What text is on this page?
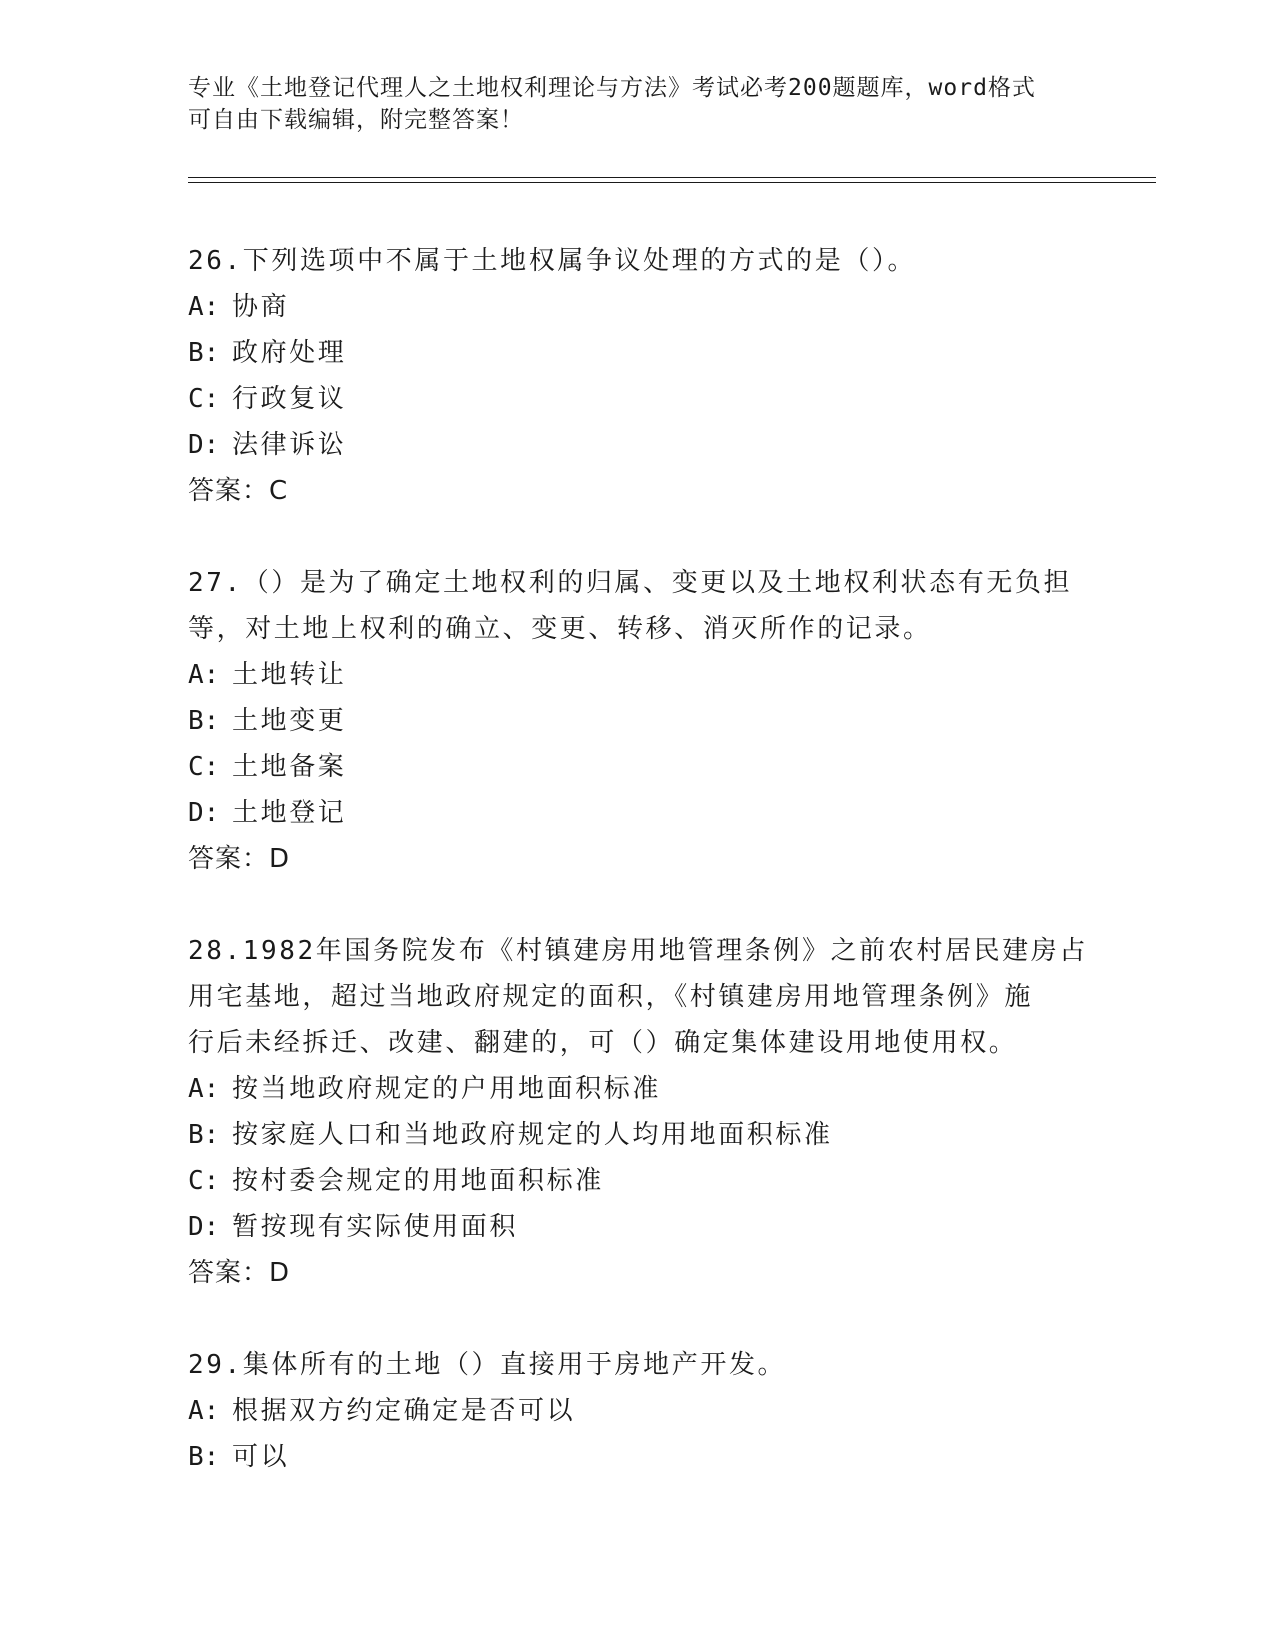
专业《土地登记代理人之土地权利理论与方法》考试必考200题题库，word格式
可自由下载编辑，附完整答案！
26.下列选项中不属于土地权属争议处理的方式的是（）。
A: 协商
B: 政府处理
C: 行政复议
D: 法律诉讼
答案：C
27.（）是为了确定土地权利的归属、变更以及土地权利状态有无负担
等，对土地上权利的确立、变更、转移、消灭所作的记录。
A: 土地转让
B: 土地变更
C: 土地备案
D: 土地登记
答案：D
28.1982年国务院发布《村镇建房用地管理条例》之前农村居民建房占
用宅基地，超过当地政府规定的面积，《村镇建房用地管理条例》施
行后未经拆迁、改建、翻建的，可（）确定集体建设用地使用权。
A: 按当地政府规定的户用地面积标准
B: 按家庭人口和当地政府规定的人均用地面积标准
C: 按村委会规定的用地面积标准
D: 暂按现有实际使用面积
答案：D
29.集体所有的土地（）直接用于房地产开发。
A: 根据双方约定确定是否可以
B: 可以
